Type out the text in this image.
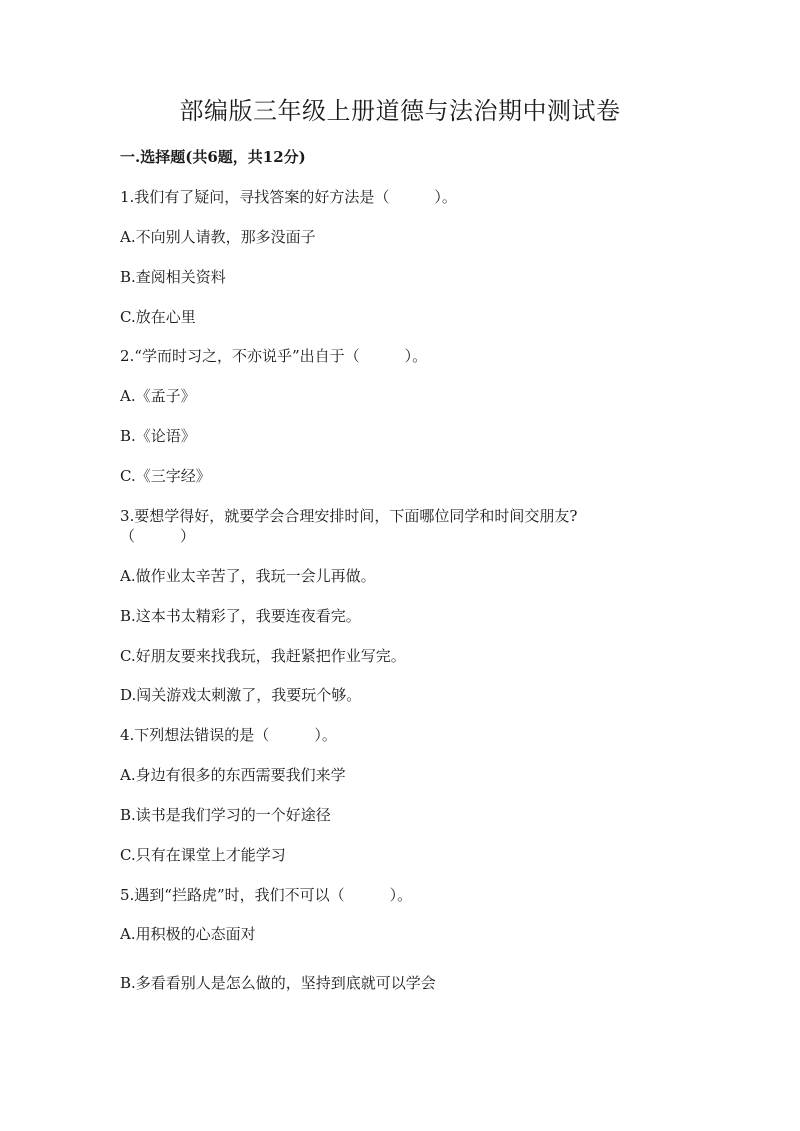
部编版三年级上册道德与法治期中测试卷
一.选择题(共6题，共12分)
1.我们有了疑问，寻找答案的好方法是（　　　）。
A.不向别人请教，那多没面子
B.查阅相关资料
C.放在心里
2.“学而时习之，不亦说乎”出自于（　　　）。
A.《孟子》
B.《论语》
C.《三字经》
3.要想学得好，就要学会合理安排时间，下面哪位同学和时间交朋友?
（　　　）
A.做作业太辛苦了，我玩一会儿再做。
B.这本书太精彩了，我要连夜看完。
C.好朋友要来找我玩，我赶紧把作业写完。
D.闯关游戏太刺激了，我要玩个够。
4.下列想法错误的是（　　　）。
A.身边有很多的东西需要我们来学
B.读书是我们学习的一个好途径
C.只有在课堂上才能学习
5.遇到“拦路虎”时，我们不可以（　　　）。
A.用积极的心态面对
B.多看看别人是怎么做的，坚持到底就可以学会
